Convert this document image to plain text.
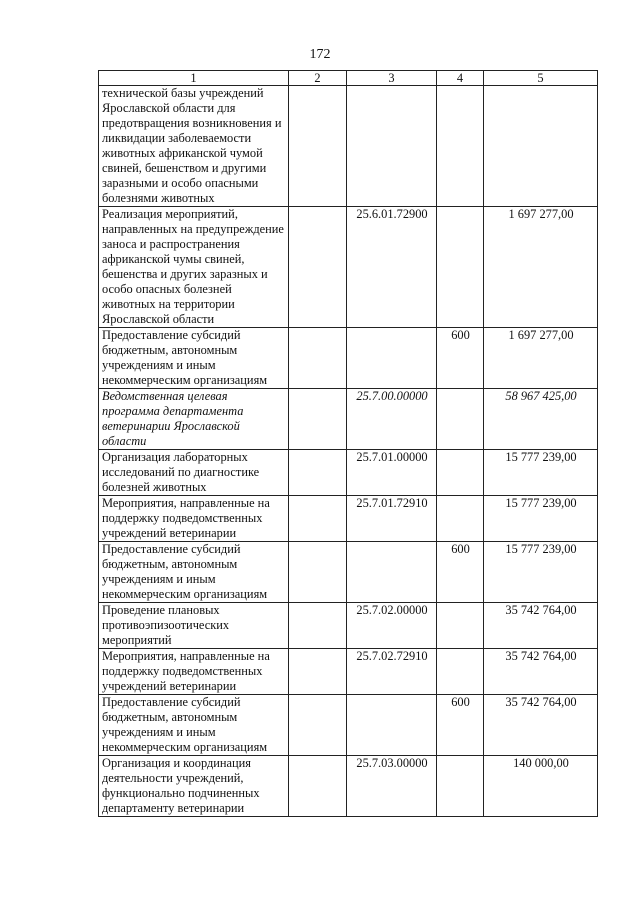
172
1	2	3	4	5
технической базы учреждений Ярославской области для предотвращения возникновения и ликвидации заболеваемости животных африканской чумой свиней, бешенством и другими заразными и особо опасными болезнями животных				
Реализация мероприятий, направленных на предупреждение заноса и распространения африканской чумы свиней, бешенства и других заразных и особо опасных болезней животных на территории Ярославской области		25.6.01.72900		1 697 277,00
Предоставление субсидий бюджетным, автономным учреждениям и иным некоммерческим организациям			600	1 697 277,00
Ведомственная целевая программа департамента ветеринарии Ярославской области		25.7.00.00000		58 967 425,00
Организация лабораторных исследований по диагностике болезней животных		25.7.01.00000		15 777 239,00
Мероприятия, направленные на поддержку подведомственных учреждений ветеринарии		25.7.01.72910		15 777 239,00
Предоставление субсидий бюджетным, автономным учреждениям и иным некоммерческим организациям			600	15 777 239,00
Проведение плановых противоэпизоотических мероприятий		25.7.02.00000		35 742 764,00
Мероприятия, направленные на поддержку подведомственных учреждений ветеринарии		25.7.02.72910		35 742 764,00
Предоставление субсидий бюджетным, автономным учреждениям и иным некоммерческим организациям			600	35 742 764,00
Организация и координация деятельности учреждений, функционально подчиненных департаменту ветеринарии		25.7.03.00000		140 000,00
